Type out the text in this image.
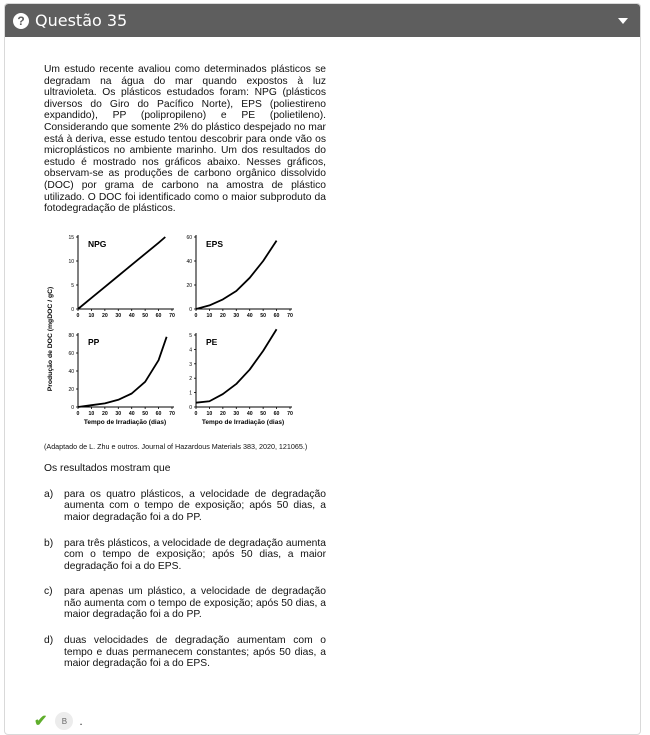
? Questão 35
Um estudo recente avaliou como determinados plásticos se degradam na água do mar quando expostos à luz ultravioleta. Os plásticos estudados foram: NPG (plásticos diversos do Giro do Pacífico Norte), EPS (poliestireno expandido), PP (polipropileno) e PE (polietileno). Considerando que somente 2% do plástico despejado no mar está à deriva, esse estudo tentou descobrir para onde vão os microplásticos no ambiente marinho. Um dos resultados do estudo é mostrado nos gráficos abaixo. Nesses gráficos, observam-se as produções de carbono orgânico dissolvido (DOC) por grama de carbono na amostra de plástico utilizado. O DOC foi identificado como o maior subproduto da fotodegradação de plásticos.
0
5
10
15
0 10 20 30 40 50 60 70
NPG
0
20
40
60
0 10 20 30 40 50 60 70
EPS
0
20
40
60
80
0 10 20 30 40 50 60 70
PP
Tempo de Irradiação (dias)
0
1
2
3
4
5
0 10 20 30 40 50 60 70
PE
Tempo de Irradiação (dias)
Produção de DOC (mgDOC / gC)
(Adaptado de L. Zhu e outros. Journal of Hazardous Materials 383, 2020, 121065.)
Os resultados mostram que
a)	para os quatro plásticos, a velocidade de degradação aumenta com o tempo de exposição; após 50 dias, a maior degradação foi a do PP.
b)	para três plásticos, a velocidade de degradação aumenta com o tempo de exposição; após 50 dias, a maior degradação foi a do EPS.
c)	para apenas um plástico, a velocidade de degradação não aumenta com o tempo de exposição; após 50 dias, a maior degradação foi a do PP.
d)	duas velocidades de degradação aumentam com o tempo e duas permanecem constantes; após 50 dias, a maior degradação foi a do EPS.
✔	B	.
